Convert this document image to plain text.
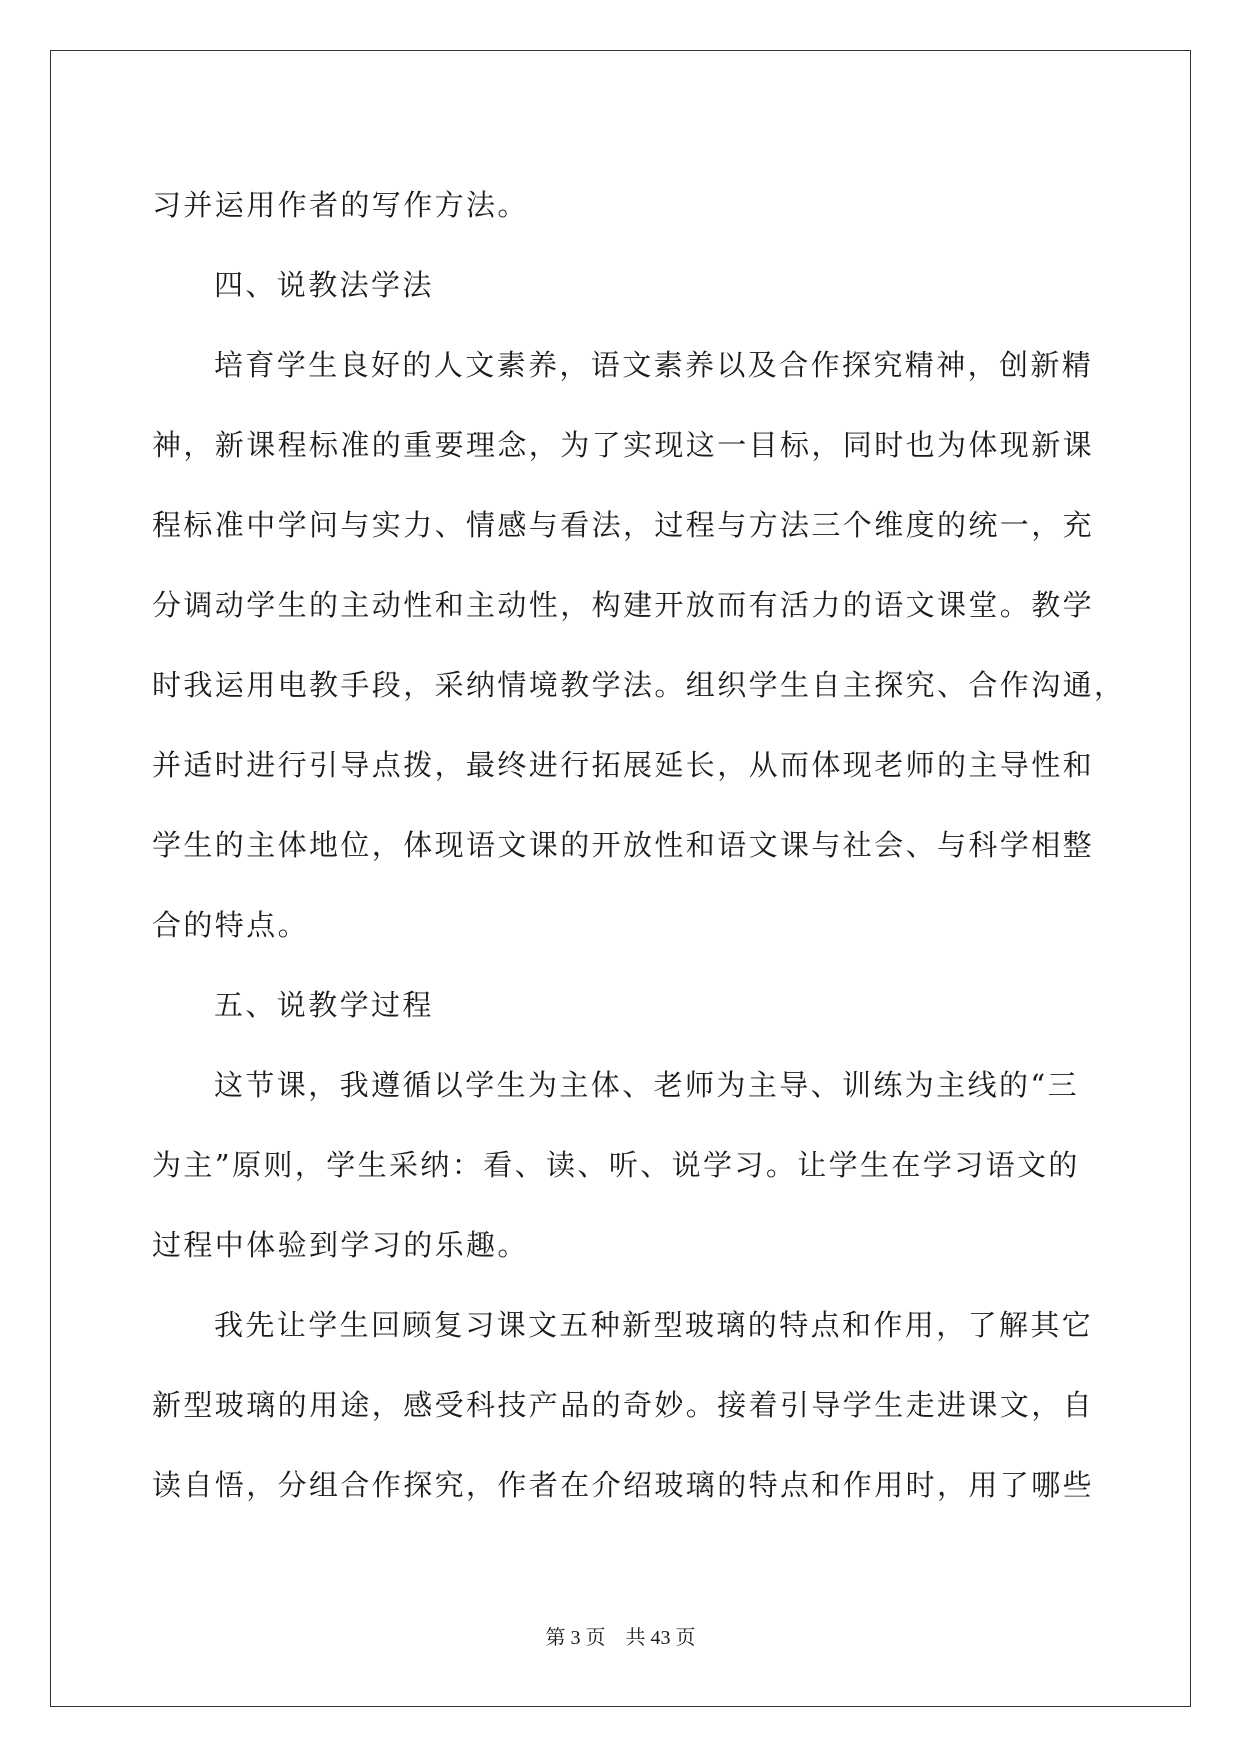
习并运用作者的写作方法。
四、说教法学法
培育学生良好的人文素养，语文素养以及合作探究精神，创新精
神，新课程标准的重要理念，为了实现这一目标，同时也为体现新课
程标准中学问与实力、情感与看法，过程与方法三个维度的统一，充
分调动学生的主动性和主动性，构建开放而有活力的语文课堂。教学
时我运用电教手段，采纳情境教学法。组织学生自主探究、合作沟通，
并适时进行引导点拨，最终进行拓展延长，从而体现老师的主导性和
学生的主体地位，体现语文课的开放性和语文课与社会、与科学相整
合的特点。
五、说教学过程
这节课，我遵循以学生为主体、老师为主导、训练为主线的“三
为主”原则，学生采纳：看、读、听、说学习。让学生在学习语文的
过程中体验到学习的乐趣。
我先让学生回顾复习课文五种新型玻璃的特点和作用，了解其它
新型玻璃的用途，感受科技产品的奇妙。接着引导学生走进课文，自
读自悟，分组合作探究，作者在介绍玻璃的特点和作用时，用了哪些
第 3 页　共 43 页
